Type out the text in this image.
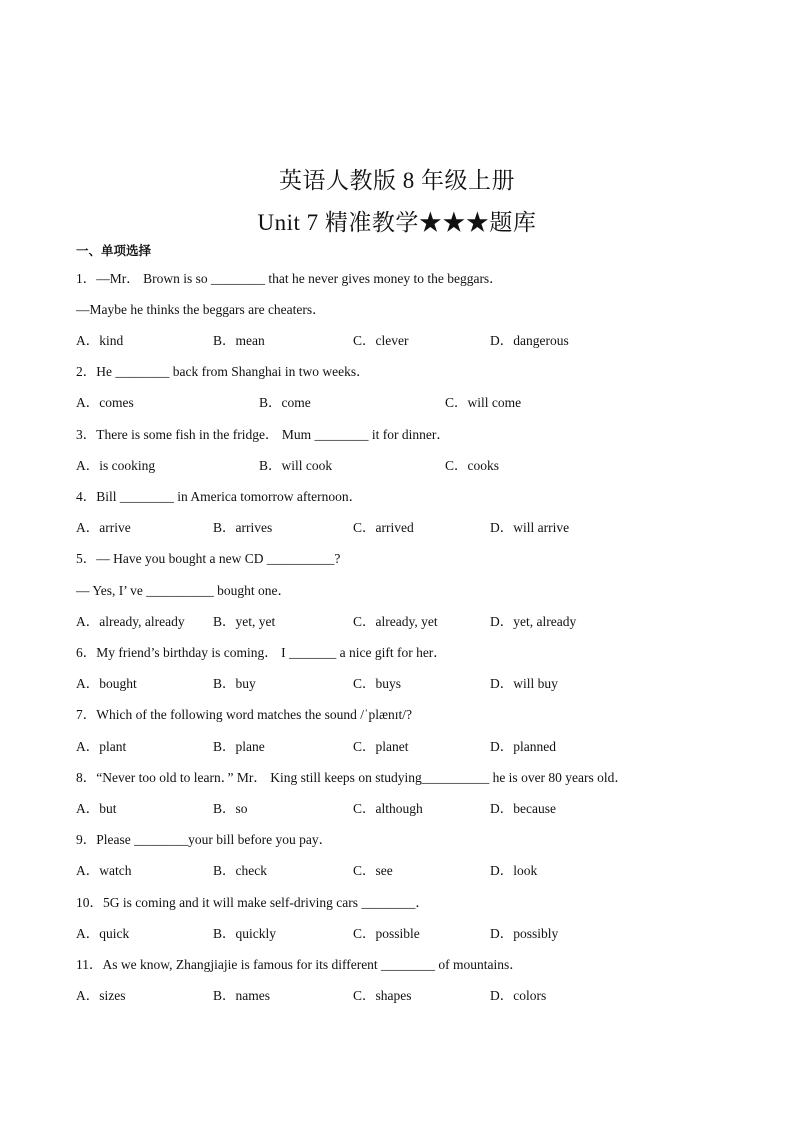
英语人教版 8 年级上册
Unit 7 精准教学★★★题库
一、单项选择
1．—Mr． Brown is so ________ that he never gives money to the beggars．
—Maybe he thinks the beggars are cheaters．
A．kind	B．mean	C．clever	D．dangerous
2．He ________ back from Shanghai in two weeks．
A．comes	B．come	C．will come
3．There is some fish in the fridge． Mum ________ it for dinner．
A．is cooking	B．will cook	C．cooks
4．Bill ________ in America tomorrow afternoon．
A．arrive	B．arrives	C．arrived	D．will arrive
5．— Have you bought a new CD __________?
— Yes, I’ ve __________ bought one．
A．already, already B．yet, yet	C．already, yet	D．yet, already
6．My friend’s birthday is coming． I _______ a nice gift for her．
A．bought	B．buy	C．buys	D．will buy
7．Which of the following word matches the sound /ˈplænɪt/?
A．plant	B．plane	C．planet	D．planned
8．“Never too old to learn．” Mr． King still keeps on studying__________ he is over 80 years old．
A．but	B．so	C．although	D．because
9．Please ________your bill before you pay．
A．watch	B．check	C．see	D．look
10．5G is coming and it will make self-driving cars ________．
A．quick	B．quickly	C．possible	D．possibly
11．As we know, Zhangjiajie is famous for its different ________ of mountains．
A．sizes	B．names	C．shapes	D．colors
